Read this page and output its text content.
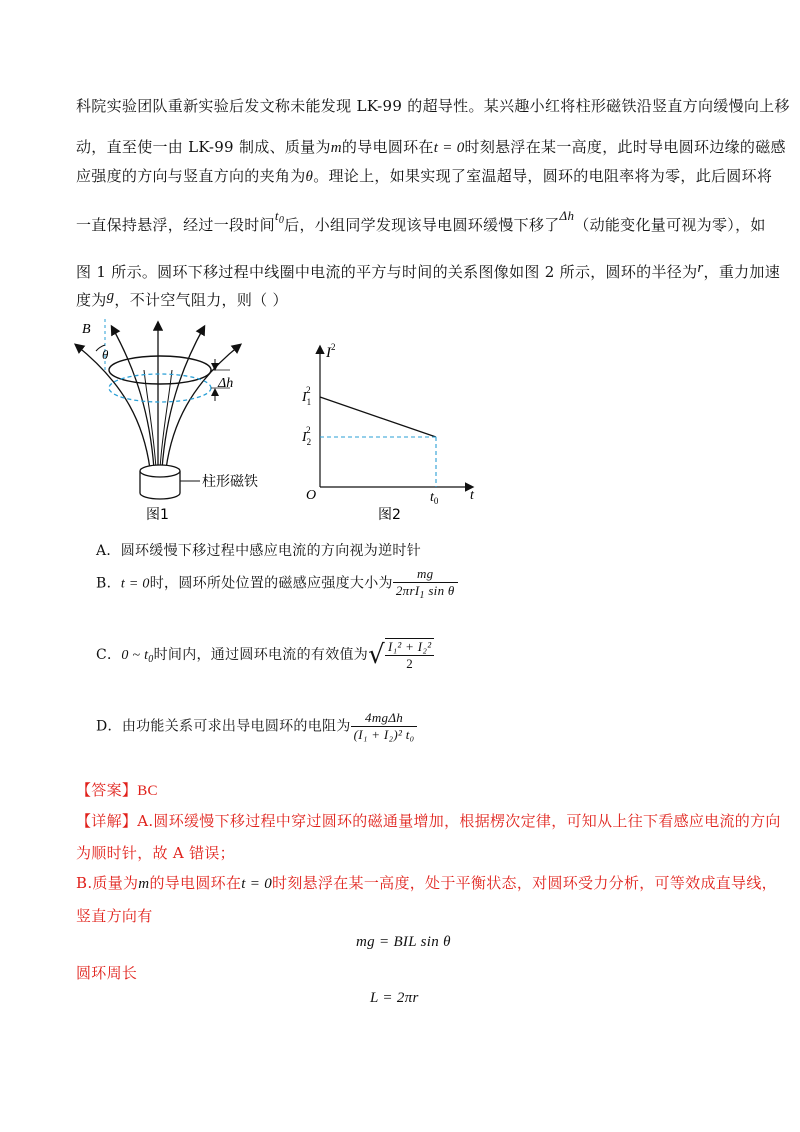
科院实验团队重新实验后发文称未能发现 LK-99 的超导性。某兴趣小红将柱形磁铁沿竖直方向缓慢向上移
动，直至使一由 LK-99 制成、质量为m的导电圆环在t = 0时刻悬浮在某一高度，此时导电圆环边缘的磁感
应强度的方向与竖直方向的夹角为θ。理论上，如果实现了室温超导，圆环的电阻率将为零，此后圆环将
一直保持悬浮，经过一段时间$t_0$后，小组同学发现该导电圆环缓慢下移了Δh（动能变化量可视为零），如
图 1 所示。圆环下移过程中线圈中电流的平方与时间的关系图像如图 2 所示，圆环的半径为r，重力加速
度为g，不计空气阻力，则（ ）
B
θ
Δh
柱形磁铁
图1
$I^2$
$I_12$
$I_22$
O	$t_0$ t
图2
A．圆环缓慢下移过程中感应电流的方向视为逆时针
B．t = 0时，圆环所处位置的磁感应强度大小为 $\frac{mg}{2\pi rI_1 \sin \theta}$
C．0 ~ $t_0$时间内，通过圆环电流的有效值为√ $\frac{\text{I₁² + I₂²}}{2}$
D．由功能关系可求出导电圆环的电阻为 $\frac{\text{4mgΔh}}{\text{(I₁ + I₂)² t₀}}$
【答案】BC
【详解】A.圆环缓慢下移过程中穿过圆环的磁通量增加，根据楞次定律，可知从上往下看感应电流的方向
为顺时针，故 A 错误；
B.质量为m的导电圆环在t = 0时刻悬浮在某一高度，处于平衡状态，对圆环受力分析，可等效成直导线，
竖直方向有
mg = BIL sin θ
圆环周长
L = 2πr
